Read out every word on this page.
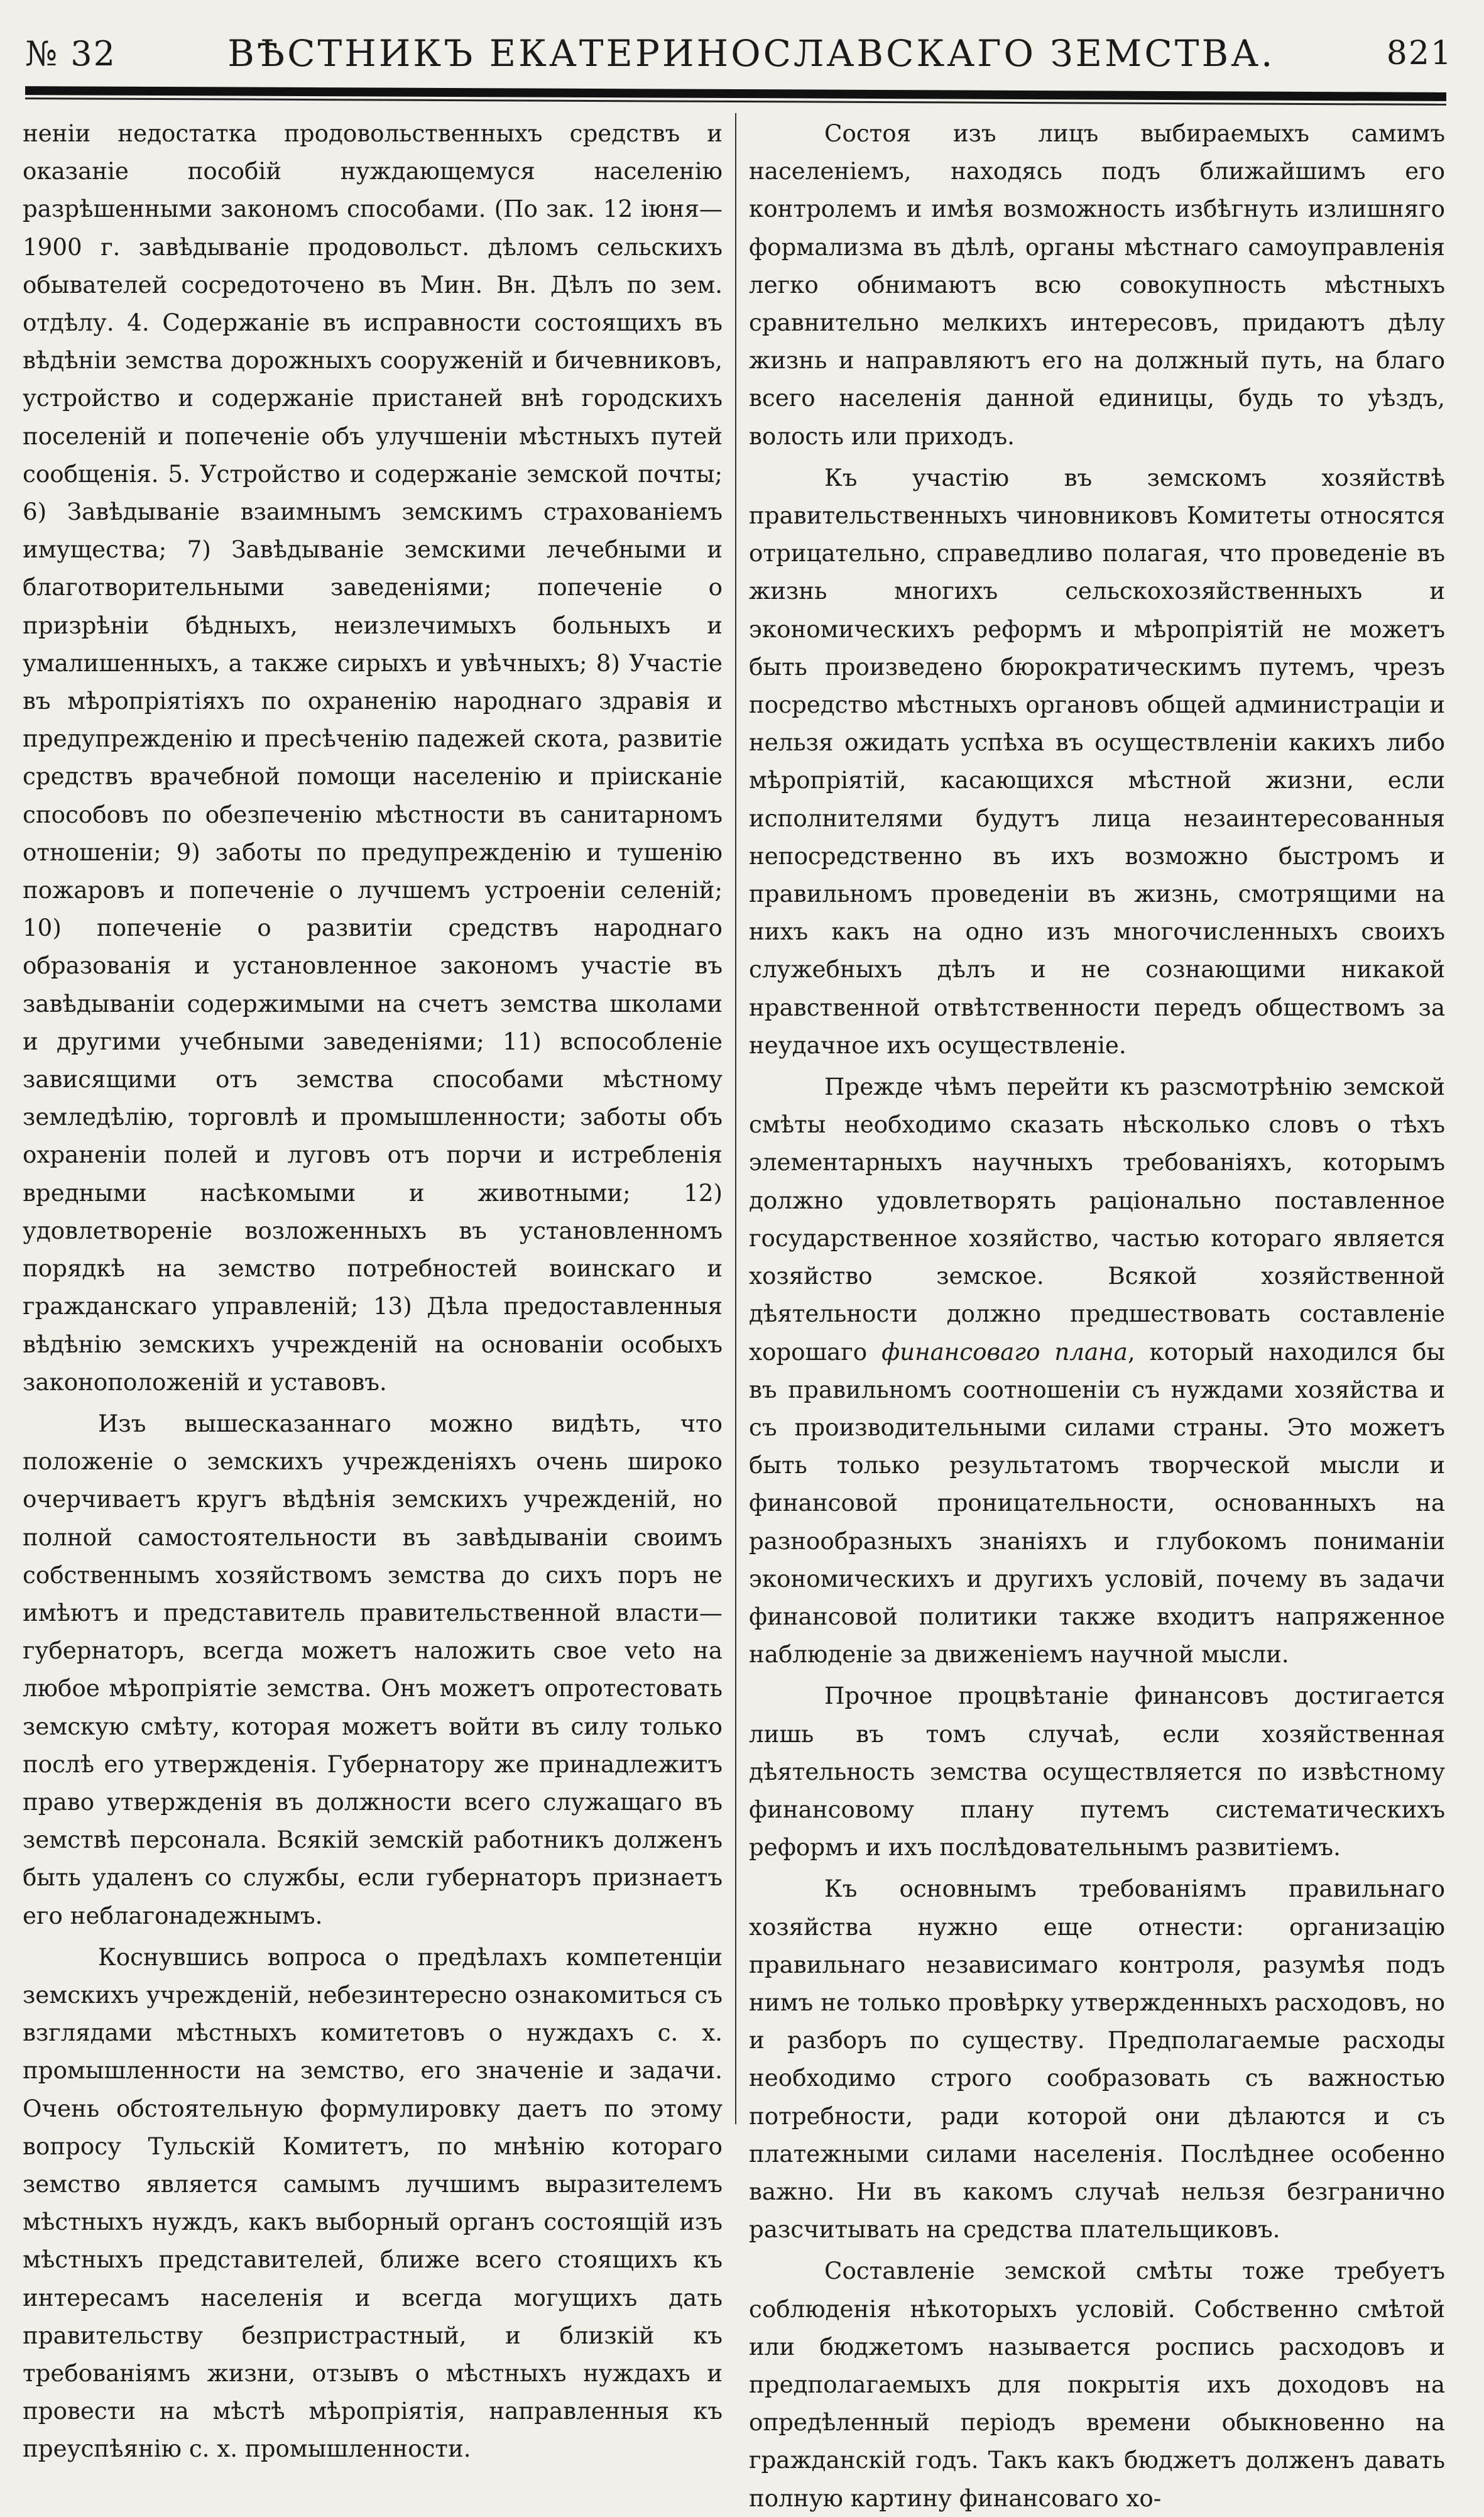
№ 32	ВѢСТНИКЪ ЕКАТЕРИНОСЛАВСКАГО ЗЕМСТВА.	821

неніи недостатка продовольственныхъ средствъ и оказаніе пособій нуждающемуся населенію разрѣшенными закономъ способами. (По зак. 12 іюня—1900 г. завѣдываніе продовольст. дѣломъ сельскихъ обывателей сосредоточено въ Мин. Вн. Дѣлъ по зем. отдѣлу. 4. Содержаніе въ исправности состоящихъ въ вѣдѣніи земства дорожныхъ сооруженій и бичевниковъ, устройство и содержаніе пристаней внѣ городскихъ поселеній и попеченіе объ улучшеніи мѣстныхъ путей сообщенія. 5. Устройство и содержаніе земской почты; 6) Завѣдываніе взаимнымъ земскимъ страхованіемъ имущества; 7) Завѣдываніе земскими лечебными и благотворительными заведеніями; попеченіе о призрѣніи бѣдныхъ, неизлечимыхъ больныхъ и умалишенныхъ, а также сирыхъ и увѣчныхъ; 8) Участіе въ мѣропріятіяхъ по охраненію народнаго здравія и предупрежденію и пресѣченію падежей скота, развитіе средствъ врачебной помощи населенію и пріисканіе способовъ по обезпеченію мѣстности въ санитарномъ отношеніи; 9) заботы по предупрежденію и тушенію пожаровъ и попеченіе о лучшемъ устроеніи селеній; 10) попеченіе о развитіи средствъ народнаго образованія и установленное закономъ участіе въ завѣдываніи содержимыми на счетъ земства школами и другими учебными заведеніями; 11) вспособленіе зависящими отъ земства способами мѣстному земледѣлію, торговлѣ и промышленности; заботы объ охраненіи полей и луговъ отъ порчи и истребленія вредными насѣкомыми и животными; 12) удовлетвореніе возложенныхъ въ установленномъ порядкѣ на земство потребностей воинскаго и гражданскаго управленій; 13) Дѣла предоставленныя вѣдѣнію земскихъ учрежденій на основаніи особыхъ законоположеній и уставовъ.

Изъ вышесказаннаго можно видѣть, что положеніе о земскихъ учрежденіяхъ очень широко очерчиваетъ кругъ вѣдѣнія земскихъ учрежденій, но полной самостоятельности въ завѣдываніи своимъ собственнымъ хозяйствомъ земства до сихъ поръ не имѣютъ и представитель правительственной власти—губернаторъ, всегда можетъ наложить свое veto на любое мѣропріятіе земства. Онъ можетъ опротестовать земскую смѣту, которая можетъ войти въ силу только послѣ его утвержденія. Губернатору же принадлежитъ право утвержденія въ должности всего служащаго въ земствѣ персонала. Всякій земскій работникъ долженъ быть удаленъ со службы, если губернаторъ признаетъ его неблагонадежнымъ.

Коснувшись вопроса о предѣлахъ компетенціи земскихъ учрежденій, небезинтересно ознакомиться съ взглядами мѣстныхъ комитетовъ о нуждахъ с. х. промышленности на земство, его значеніе и задачи. Очень обстоятельную формулировку даетъ по этому вопросу Тульскій Комитетъ, по мнѣнію котораго земство является самымъ лучшимъ выразителемъ мѣстныхъ нуждъ, какъ выборный органъ состоящій изъ мѣстныхъ представителей, ближе всего стоящихъ къ интересамъ населенія и всегда могущихъ дать правительству безпристрастный, и близкій къ требованіямъ жизни, отзывъ о мѣстныхъ нуждахъ и провести на мѣстѣ мѣропріятія, направленныя къ преуспѣянію с. х. промышленности.

Состоя изъ лицъ выбираемыхъ самимъ населеніемъ, находясь подъ ближайшимъ его контролемъ и имѣя возможность избѣгнуть излишняго формализма въ дѣлѣ, органы мѣстнаго самоуправленія легко обнимаютъ всю совокупность мѣстныхъ сравнительно мелкихъ интересовъ, придаютъ дѣлу жизнь и направляютъ его на должный путь, на благо всего населенія данной единицы, будь то уѣздъ, волость или приходъ.

Къ участію въ земскомъ хозяйствѣ правительственныхъ чиновниковъ Комитеты относятся отрицательно, справедливо полагая, что проведеніе въ жизнь многихъ сельскохозяйственныхъ и экономическихъ реформъ и мѣропріятій не можетъ быть произведено бюрократическимъ путемъ, чрезъ посредство мѣстныхъ органовъ общей администраціи и нельзя ожидать успѣха въ осуществленіи какихъ либо мѣропріятій, касающихся мѣстной жизни, если исполнителями будутъ лица незаинтересованныя непосредственно въ ихъ возможно быстромъ и правильномъ проведеніи въ жизнь, смотрящими на нихъ какъ на одно изъ многочисленныхъ своихъ служебныхъ дѣлъ и не сознающими никакой нравственной отвѣтственности передъ обществомъ за неудачное ихъ осуществленіе.

Прежде чѣмъ перейти къ разсмотрѣнію земской смѣты необходимо сказать нѣсколько словъ о тѣхъ элементарныхъ научныхъ требованіяхъ, которымъ должно удовлетворять раціонально поставленное государственное хозяйство, частью котораго является хозяйство земское. Всякой хозяйственной дѣятельности должно предшествовать составленіе хорошаго финансоваго плана, который находился бы въ правильномъ соотношеніи съ нуждами хозяйства и съ производительными силами страны. Это можетъ быть только результатомъ творческой мысли и финансовой проницательности, основанныхъ на разнообразныхъ знаніяхъ и глубокомъ пониманіи экономическихъ и другихъ условій, почему въ задачи финансовой политики также входитъ напряженное наблюденіе за движеніемъ научной мысли.

Прочное процвѣтаніе финансовъ достигается лишь въ томъ случаѣ, если хозяйственная дѣятельность земства осуществляется по извѣстному финансовому плану путемъ систематическихъ реформъ и ихъ послѣдовательнымъ развитіемъ.

Къ основнымъ требованіямъ правильнаго хозяйства нужно еще отнести: организацію правильнаго независимаго контроля, разумѣя подъ нимъ не только провѣрку утвержденныхъ расходовъ, но и разборъ по существу. Предполагаемые расходы необходимо строго сообразовать съ важностью потребности, ради которой они дѣлаются и съ платежными силами населенія. Послѣднее особенно важно. Ни въ какомъ случаѣ нельзя безгранично разсчитывать на средства плательщиковъ.

Составленіе земской смѣты тоже требуетъ соблюденія нѣкоторыхъ условій. Собственно смѣтой или бюджетомъ называется роспись расходовъ и предполагаемыхъ для покрытія ихъ доходовъ на опредѣленный періодъ времени обыкновенно на гражданскій годъ. Такъ какъ бюджетъ долженъ давать полную картину финансоваго хо-
